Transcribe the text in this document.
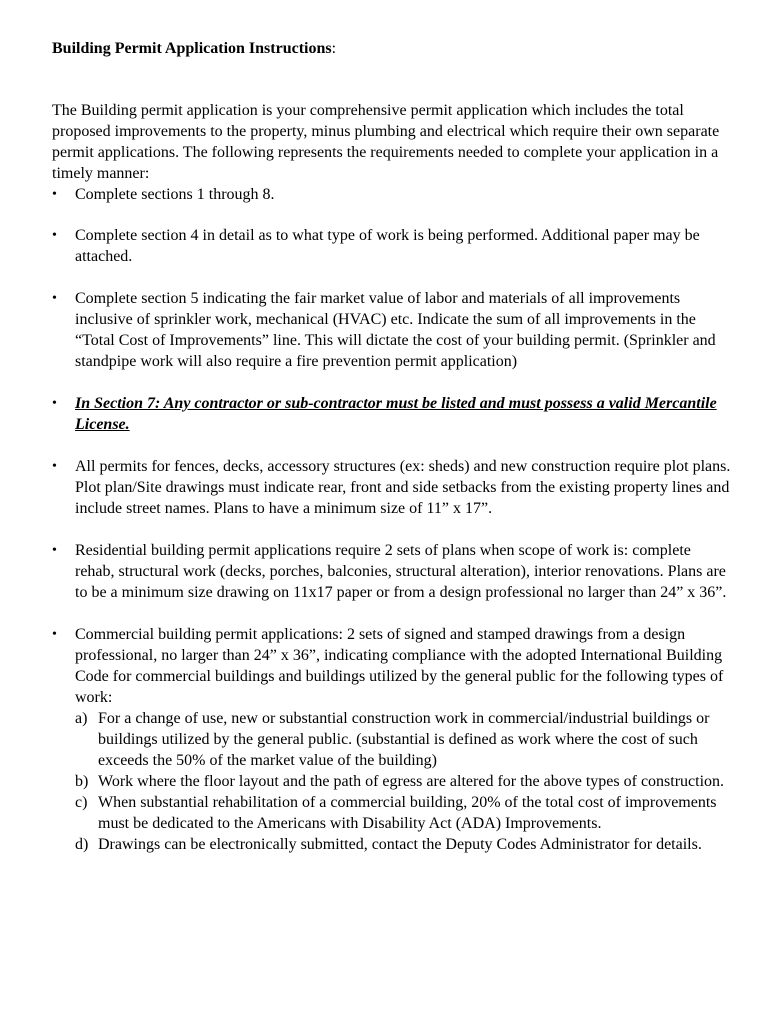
Building Permit Application Instructions:

The Building permit application is your comprehensive permit application which includes the total proposed improvements to the property, minus plumbing and electrical which require their own separate permit applications. The following represents the requirements needed to complete your application in a timely manner:

• Complete sections 1 through 8.
• Complete section 4 in detail as to what type of work is being performed. Additional paper may be attached.
• Complete section 5 indicating the fair market value of labor and materials of all improvements inclusive of sprinkler work, mechanical (HVAC) etc. Indicate the sum of all improvements in the “Total Cost of Improvements” line. This will dictate the cost of your building permit. (Sprinkler and standpipe work will also require a fire prevention permit application)
• In Section 7: Any contractor or sub-contractor must be listed and must possess a valid Mercantile License.
• All permits for fences, decks, accessory structures (ex: sheds) and new construction require plot plans. Plot plan/Site drawings must indicate rear, front and side setbacks from the existing property lines and include street names. Plans to have a minimum size of 11” x 17”.
• Residential building permit applications require 2 sets of plans when scope of work is: complete rehab, structural work (decks, porches, balconies, structural alteration), interior renovations. Plans are to be a minimum size drawing on 11x17 paper or from a design professional no larger than 24” x 36”.
• Commercial building permit applications: 2 sets of signed and stamped drawings from a design professional, no larger than 24” x 36”, indicating compliance with the adopted International Building Code for commercial buildings and buildings utilized by the general public for the following types of work:
a) For a change of use, new or substantial construction work in commercial/industrial buildings or buildings utilized by the general public. (substantial is defined as work where the cost of such exceeds the 50% of the market value of the building)
b) Work where the floor layout and the path of egress are altered for the above types of construction.
c) When substantial rehabilitation of a commercial building, 20% of the total cost of improvements must be dedicated to the Americans with Disability Act (ADA) Improvements.
d) Drawings can be electronically submitted, contact the Deputy Codes Administrator for details.
